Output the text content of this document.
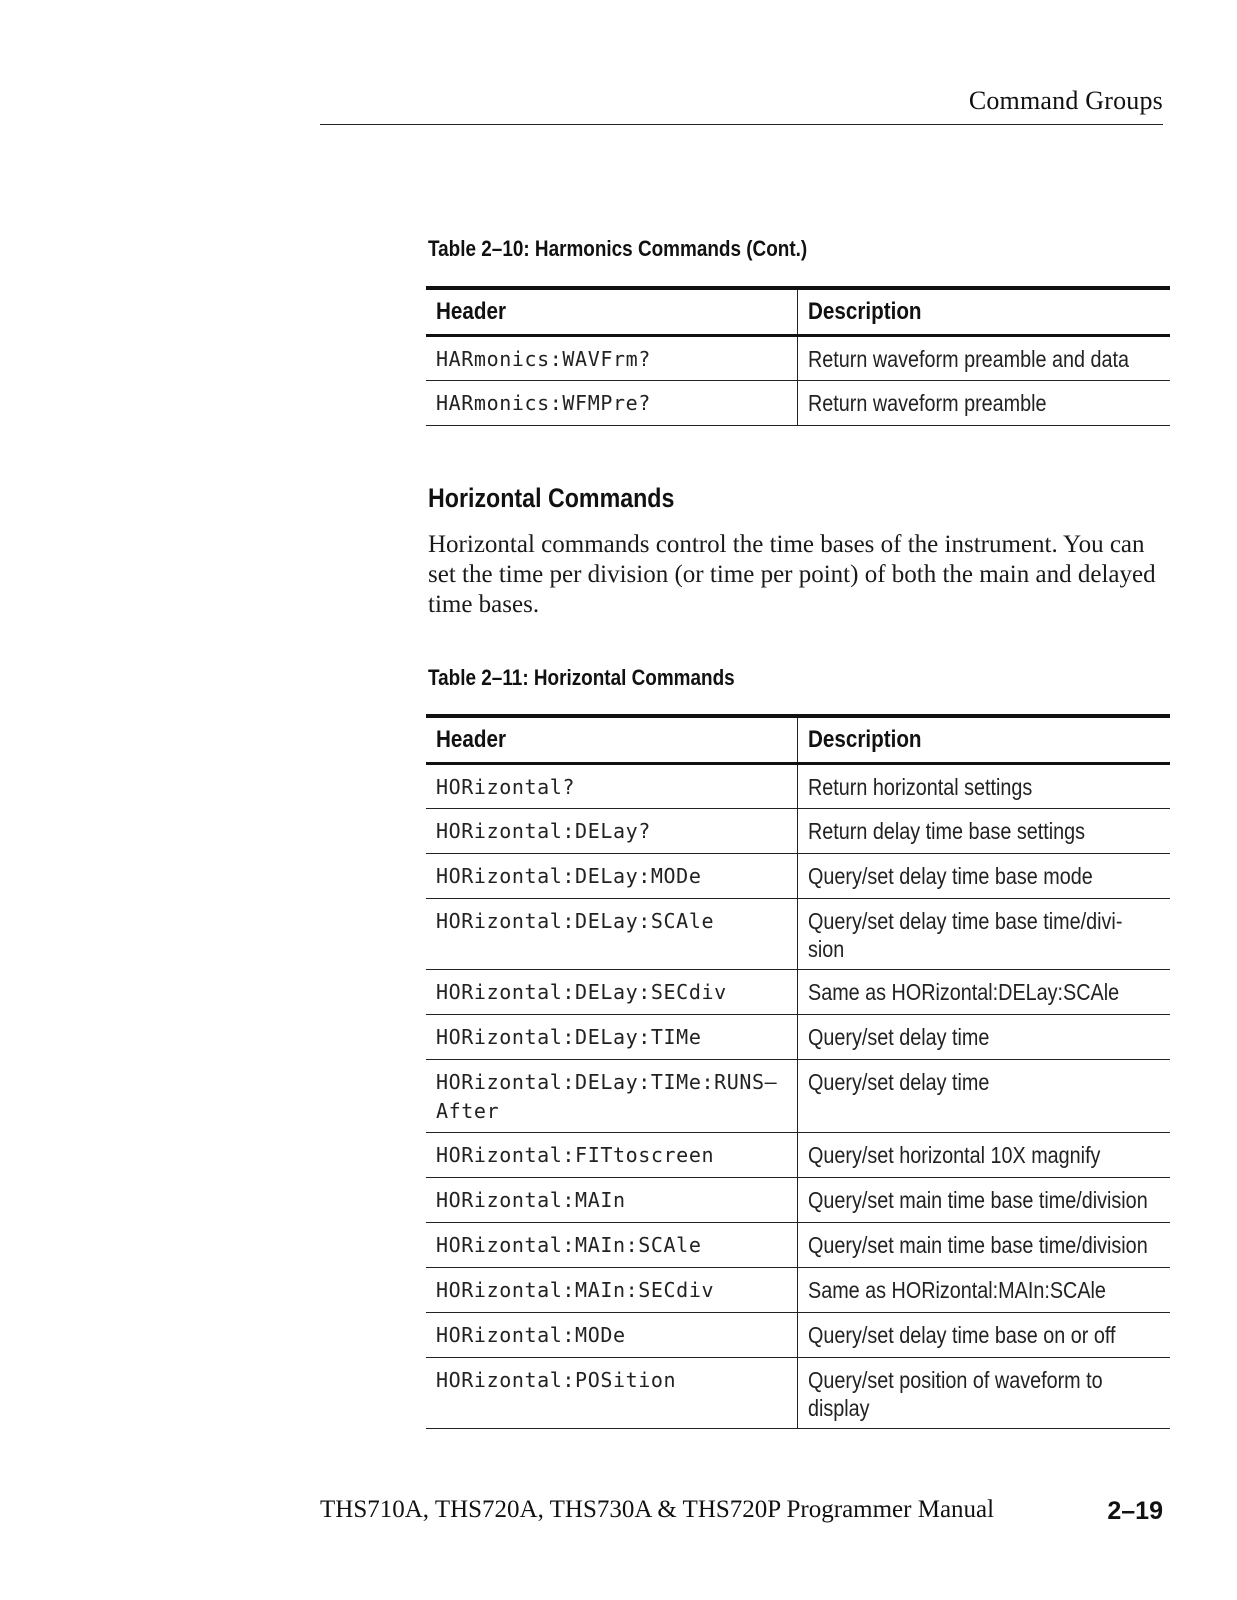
Command Groups
Table 2–10: Harmonics Commands (Cont.)
Header	Description
HARmonics:WAVFrm?	Return waveform preamble and data
HARmonics:WFMPre?	Return waveform preamble
Horizontal Commands

Horizontal commands control the time bases of the instrument. You can set the time per division (or time per point) of both the main and delayed time bases.

Table 2–11: Horizontal Commands
Header	Description
HORizontal?	Return horizontal settings
HORizontal:DELay?	Return delay time base settings
HORizontal:DELay:MODe	Query/set delay time base mode
HORizontal:DELay:SCAle	Query/set delay time base time/divi- sion
HORizontal:DELay:SECdiv	Same as HORizontal:DELay:SCAle
HORizontal:DELay:TIMe	Query/set delay time
HORizontal:DELay:TIMe:RUNS– After	Query/set delay time
HORizontal:FITtoscreen	Query/set horizontal 10X magnify
HORizontal:MAIn	Query/set main time base time/division
HORizontal:MAIn:SCAle	Query/set main time base time/division
HORizontal:MAIn:SECdiv	Same as HORizontal:MAIn:SCAle
HORizontal:MODe	Query/set delay time base on or off
HORizontal:POSition	Query/set position of waveform to display
THS710A, THS720A, THS730A & THS720P Programmer Manual	2–19
